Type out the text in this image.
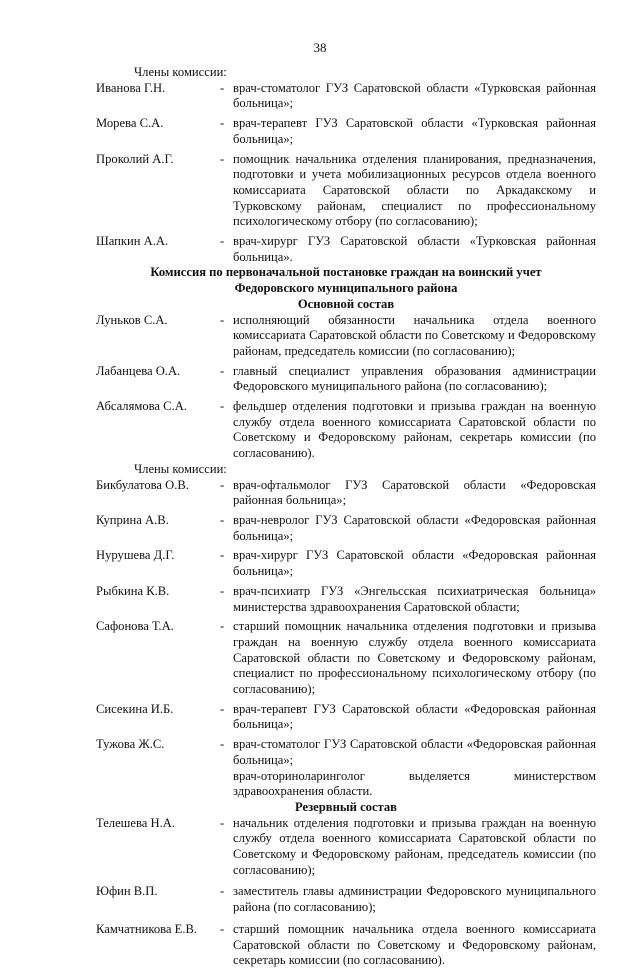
38
Члены комиссии:
Иванова Г.Н.	- врач-стоматолог ГУЗ Саратовской области «Турковская районная больница»;
Морева С.А.	- врач-терапевт ГУЗ Саратовской области «Турковская районная больница»;
Проколий А.Г.	- помощник начальника отделения планирования, предназначения, подготовки и учета мобилизационных ресурсов отдела военного комиссариата Саратовской области по Аркадакскому и Турковскому районам, специалист по профессиональному психологическому отбору (по согласованию);
Шапкин А.А.	- врач-хирург ГУЗ Саратовской области «Турковская районная больница».
Комиссия по первоначальной постановке граждан на воинский учет
Федоровского муниципального района
Основной состав
Луньков С.А.	- исполняющий обязанности начальника отдела военного комиссариата Саратовской области по Советскому и Федоровскому районам, председатель комиссии (по согласованию);
Лабанцева О.А.	- главный специалист управления образования администрации Федоровского муниципального района (по согласованию);
Абсалямова С.А.	- фельдшер отделения подготовки и призыва граждан на военную службу отдела военного комиссариата Саратовской области по Советскому и Федоровскому районам, секретарь комиссии (по согласованию).
Члены комиссии:
Бикбулатова О.В.	- врач-офтальмолог ГУЗ Саратовской области «Федоровская районная больница»;
Куприна А.В.	- врач-невролог ГУЗ Саратовской области «Федоровская районная больница»;
Нурушева Д.Г.	- врач-хирург ГУЗ Саратовской области «Федоровская районная больница»;
Рыбкина К.В.	- врач-психиатр ГУЗ «Энгельсская психиатрическая больница» министерства здравоохранения Саратовской области;
Сафонова Т.А.	- старший помощник начальника отделения подготовки и призыва граждан на военную службу отдела военного комиссариата Саратовской области по Советскому и Федоровскому районам, специалист по профессиональному психологическому отбору (по согласованию);
Сисекина И.Б.	- врач-терапевт ГУЗ Саратовской области «Федоровская районная больница»;
Тужова Ж.С.	- врач-стоматолог ГУЗ Саратовской области «Федоровская районная больница»;
врач-оториноларинголог выделяется министерством здравоохранения области.
Резервный состав
Телешева Н.А.	- начальник отделения подготовки и призыва граждан на военную службу отдела военного комиссариата Саратовской области по Советскому и Федоровскому районам, председатель комиссии (по согласованию);
Юфин В.П.	- заместитель главы администрации Федоровского муниципального района (по согласованию);
Камчатникова Е.В.	- старший помощник начальника отдела военного комиссариата Саратовской области по Советскому и Федоровскому районам, секретарь комиссии (по согласованию).
